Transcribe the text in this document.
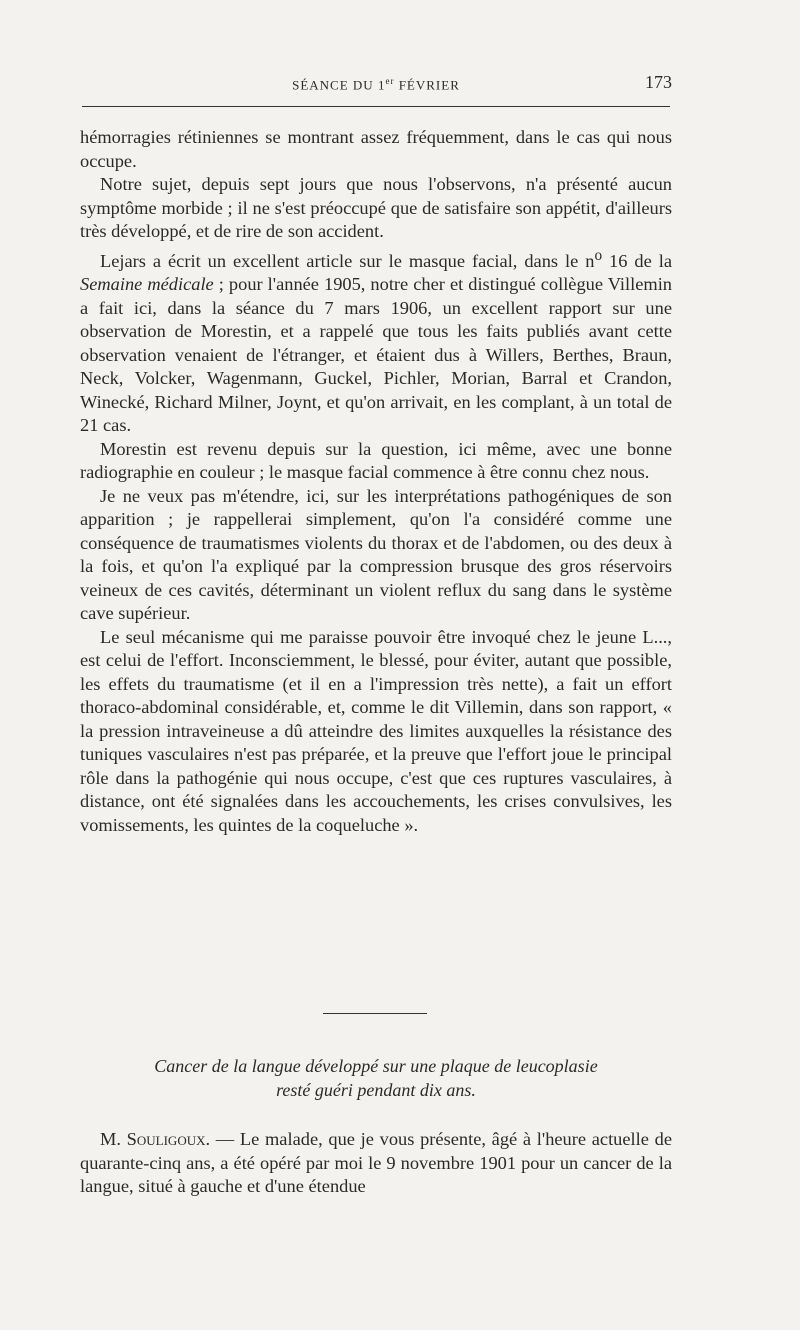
SÉANCE DU 1er FÉVRIER	173

hémorragies rétiniennes se montrant assez fréquemment, dans le cas qui nous occupe.

Notre sujet, depuis sept jours que nous l'observons, n'a présenté aucun symptôme morbide ; il ne s'est préoccupé que de satisfaire son appétit, d'ailleurs très développé, et de rire de son accident.

Lejars a écrit un excellent article sur le masque facial, dans le $n^o$ 16 de la Semaine médicale ; pour l'année 1905, notre cher et distingué collègue Villemin a fait ici, dans la séance du 7 mars 1906, un excellent rapport sur une observation de Morestin, et a rappelé que tous les faits publiés avant cette observation venaient de l'étranger, et étaient dus à Willers, Berthes, Braun, Neck, Volcker, Wagenmann, Guckel, Pichler, Morian, Barral et Crandon, Winecké, Richard Milner, Joynt, et qu'on arrivait, en les complant, à un total de 21 cas.

Morestin est revenu depuis sur la question, ici même, avec une bonne radiographie en couleur ; le masque facial commence à être connu chez nous.

Je ne veux pas m'étendre, ici, sur les interprétations pathogéniques de son apparition ; je rappellerai simplement, qu'on l'a considéré comme une conséquence de traumatismes violents du thorax et de l'abdomen, ou des deux à la fois, et qu'on l'a expliqué par la compression brusque des gros réservoirs veineux de ces cavités, déterminant un violent reflux du sang dans le système cave supérieur.

Le seul mécanisme qui me paraisse pouvoir être invoqué chez le jeune L..., est celui de l'effort. Inconsciemment, le blessé, pour éviter, autant que possible, les effets du traumatisme (et il en a l'impression très nette), a fait un effort thoraco-abdominal considérable, et, comme le dit Villemin, dans son rapport, « la pression intraveineuse a dû atteindre des limites auxquelles la résistance des tuniques vasculaires n'est pas préparée, et la preuve que l'effort joue le principal rôle dans la pathogénie qui nous occupe, c'est que ces ruptures vasculaires, à distance, ont été signalées dans les accouchements, les crises convulsives, les vomissements, les quintes de la coqueluche ».

Cancer de la langue développé sur une plaque de leucoplasie
resté guéri pendant dix ans.

M. Souligoux. — Le malade, que je vous présente, âgé à l'heure actuelle de quarante-cinq ans, a été opéré par moi le 9 novembre 1901 pour un cancer de la langue, situé à gauche et d'une étendue
